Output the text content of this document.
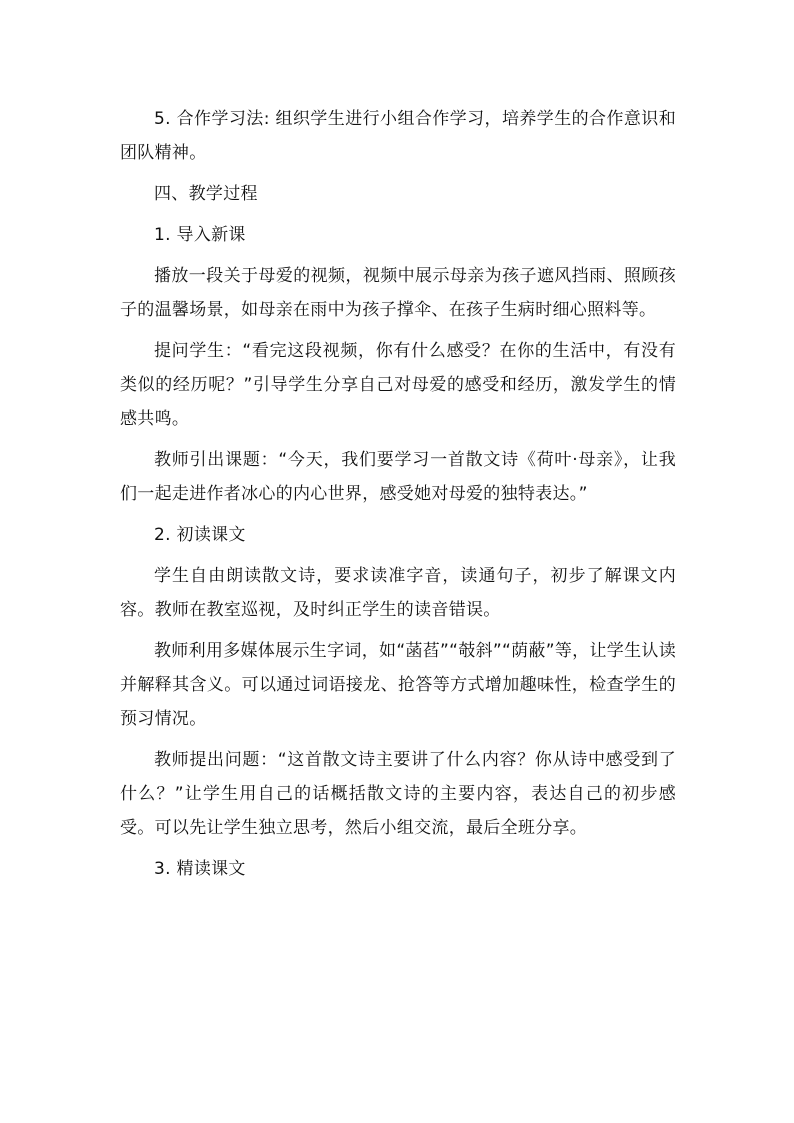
5. 合作学习法: 组织学生进行小组合作学习，培养学生的合作意识和团队精神。

四、教学过程

1. 导入新课

播放一段关于母爱的视频，视频中展示母亲为孩子遮风挡雨、照顾孩子的温馨场景，如母亲在雨中为孩子撑伞、在孩子生病时细心照料等。

提问学生：“看完这段视频，你有什么感受？在你的生活中，有没有类似的经历呢？”引导学生分享自己对母爱的感受和经历，激发学生的情感共鸣。

教师引出课题：“今天，我们要学习一首散文诗《荷叶·母亲》，让我们一起走进作者冰心的内心世界，感受她对母爱的独特表达。”

2. 初读课文

学生自由朗读散文诗，要求读准字音，读通句子，初步了解课文内容。教师在教室巡视，及时纠正学生的读音错误。

教师利用多媒体展示生字词，如“菡萏”“攲斜”“荫蔽”等，让学生认读并解释其含义。可以通过词语接龙、抢答等方式增加趣味性，检查学生的预习情况。

教师提出问题：“这首散文诗主要讲了什么内容？你从诗中感受到了什么？”让学生用自己的话概括散文诗的主要内容，表达自己的初步感受。可以先让学生独立思考，然后小组交流，最后全班分享。

3. 精读课文
